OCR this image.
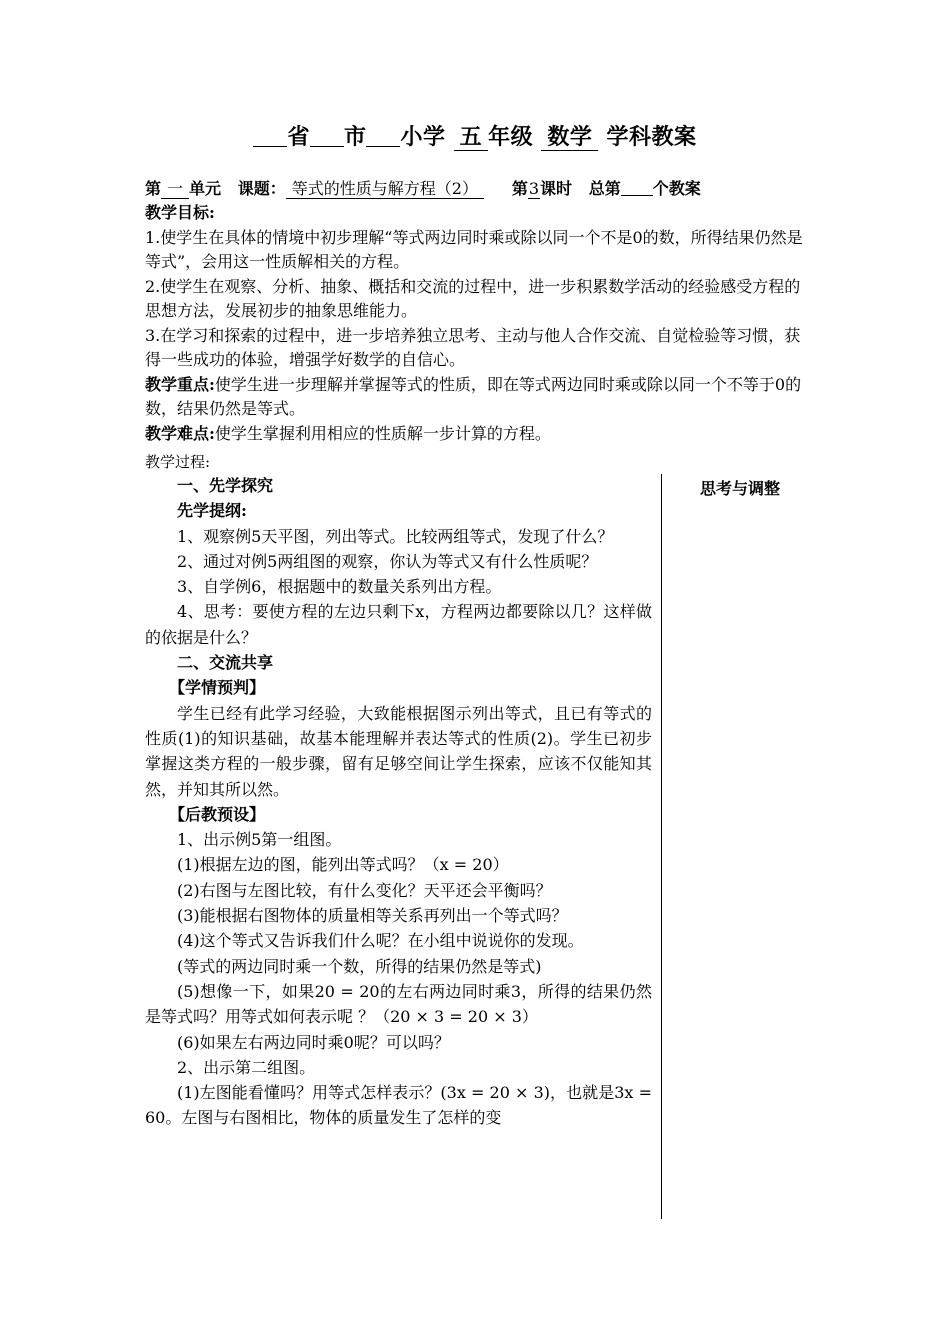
省 市 小学 五 年级 数学 学科教案
第 一 单元 课题： 等式的性质与解方程（2） 第3课时 总第 个教案

教学目标:

1.使学生在具体的情境中初步理解“等式两边同时乘或除以同一个不是0的数，所得结果仍然是等式”，会用这一性质解相关的方程。

2.使学生在观察、分析、抽象、概括和交流的过程中，进一步积累数学活动的经验感受方程的思想方法，发展初步的抽象思维能力。

3.在学习和探索的过程中，进一步培养独立思考、主动与他人合作交流、自觉检验等习惯，获得一些成功的体验，增强学好数学的自信心。

教学重点:使学生进一步理解并掌握等式的性质，即在等式两边同时乘或除以同一个不等于0的数，结果仍然是等式。

教学难点:使学生掌握利用相应的性质解一步计算的方程。

教学过程:
思考与调整

一、先学探究

先学提纲:

1、观察例5天平图，列出等式。比较两组等式，发现了什么？

2、通过对例5两组图的观察，你认为等式又有什么性质呢？

3、自学例6，根据题中的数量关系列出方程。

4、思考：要使方程的左边只剩下x，方程两边都要除以几？这样做的依据是什么？

二、交流共享

【学情预判】

学生已经有此学习经验，大致能根据图示列出等式，且已有等式的性质(1)的知识基础，故基本能理解并表达等式的性质(2)。学生已初步掌握这类方程的一般步骤，留有足够空间让学生探索，应该不仅能知其然，并知其所以然。

【后教预设】

1、出示例5第一组图。

(1)根据左边的图，能列出等式吗？（x = 20）

(2)右图与左图比较，有什么变化？天平还会平衡吗？

(3)能根据右图物体的质量相等关系再列出一个等式吗？

(4)这个等式又告诉我们什么呢？在小组中说说你的发现。

(等式的两边同时乘一个数，所得的结果仍然是等式)

(5)想像一下，如果20 = 20的左右两边同时乘3，所得的结果仍然是等式吗？用等式如何表示呢 ？（20 × 3 = 20 × 3）

(6)如果左右两边同时乘0呢？可以吗？

2、出示第二组图。

(1)左图能看懂吗？用等式怎样表示？(3x = 20 × 3)，也就是3x = 60。左图与右图相比，物体的质量发生了怎样的变
